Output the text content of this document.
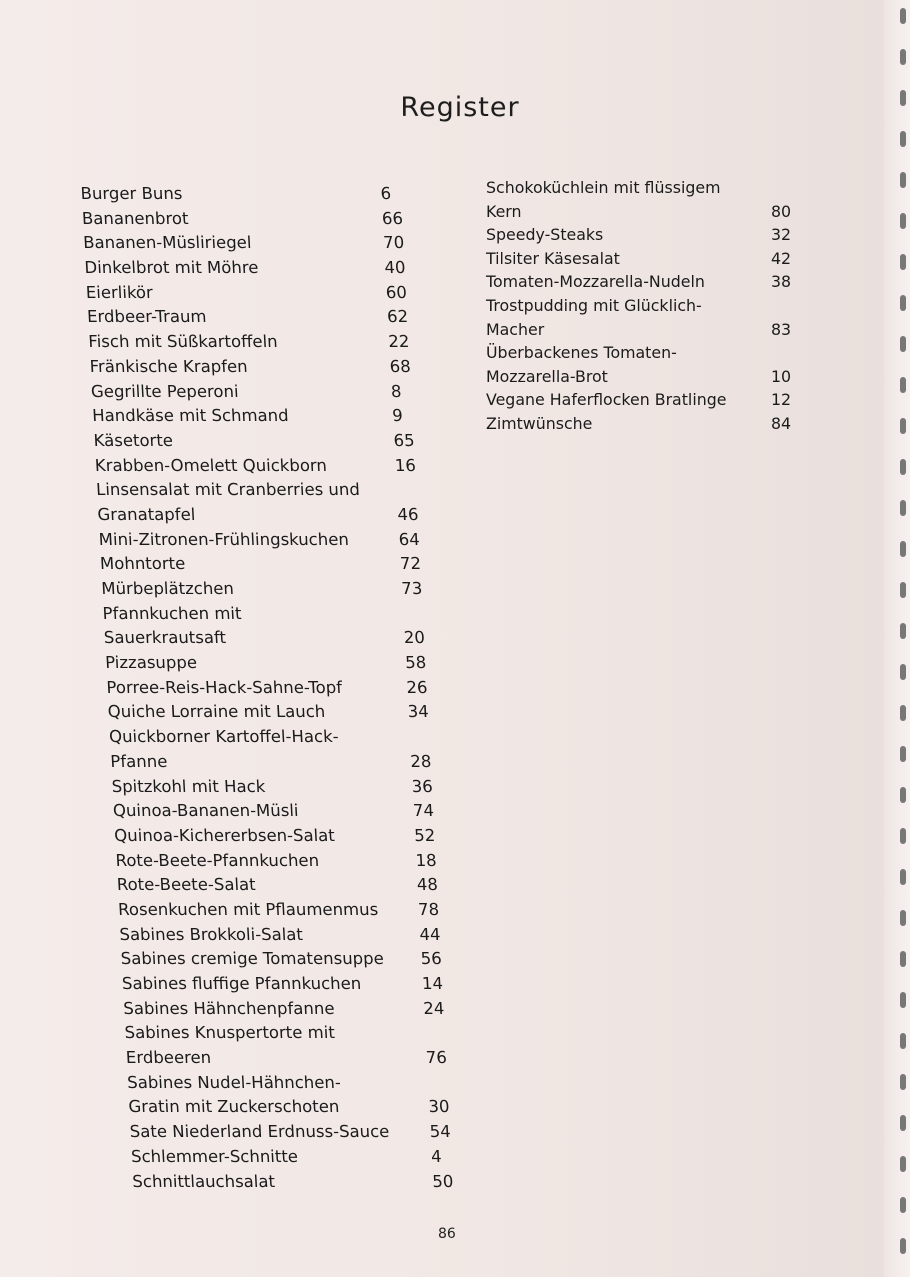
Register
Burger Buns	6
Bananenbrot	66
Bananen-Müsliriegel	70
Dinkelbrot mit Möhre	40
Eierlikör	60
Erdbeer-Traum	62
Fisch mit Süßkartoffeln	22
Fränkische Krapfen	68
Gegrillte Peperoni	8
Handkäse mit Schmand	9
Käsetorte	65
Krabben-Omelett Quickborn	16
Linsensalat mit Cranberries und
Granatapfel	46
Mini-Zitronen-Frühlingskuchen	64
Mohntorte	72
Mürbeplätzchen	73
Pfannkuchen mit
Sauerkrautsaft	20
Pizzasuppe	58
Porree-Reis-Hack-Sahne-Topf	26
Quiche Lorraine mit Lauch	34
Quickborner Kartoffel-Hack-
Pfanne	28
Spitzkohl mit Hack	36
Quinoa-Bananen-Müsli	74
Quinoa-Kichererbsen-Salat	52
Rote-Beete-Pfannkuchen	18
Rote-Beete-Salat	48
Rosenkuchen mit Pflaumenmus 78
Sabines Brokkoli-Salat	44
Sabines cremige Tomatensuppe 56
Sabines fluffige Pfannkuchen	14
Sabines Hähnchenpfanne	24
Sabines Knuspertorte mit
Erdbeeren	76
Sabines Nudel-Hähnchen-
Gratin mit Zuckerschoten	30
Sate Niederland Erdnuss-Sauce 54
Schlemmer-Schnitte	4
Schnittlauchsalat	50
Schokoküchlein mit flüssigem
Kern	80
Speedy-Steaks	32
Tilsiter Käsesalat	42
Tomaten-Mozzarella-Nudeln	38
Trostpudding mit Glücklich-
Macher	83
Überbackenes Tomaten-
Mozzarella-Brot	10
Vegane Haferflocken Bratlinge	12
Zimtwünsche	84
86
